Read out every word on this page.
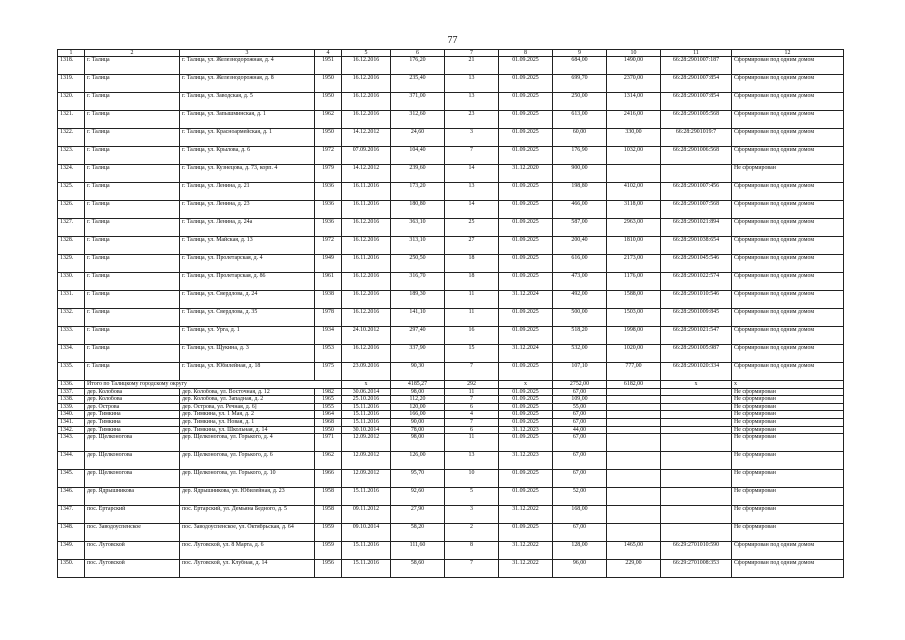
77
1	2	3	4	5	6	7	8	9	10	11	12
1318.	г. Талица	г. Талица, ул. Железнодорожная, д. 4	1951	16.12.2016	176,20	21	01.09.2025	684,00	1490,00	66:28:2901007:187	Сформирован под одним домом
1319.	г. Талица	г. Талица, ул. Железнодорожная, д. 8	1950	16.12.2016	235,40	13	01.09.2025	699,70	2370,00	66:28:2901007:854	Сформирован под одним домом
1320.	г. Талица	г. Талица, ул. Заводская, д. 5	1950	16.12.2016	371,00	13	01.09.2025	250,00	1314,00	66:28:2901007:854	Сформирован под одним домом
1321.	г. Талица	г. Талица, ул. Запышминская, д. 1	1962	16.12.2016	312,60	23	01.09.2025	613,00	2416,00	66:28:2901005:568	Сформирован под одним домом
1322.	г. Талица	г. Талица, ул. Красноармейская, д. 1	1950	14.12.2012	24,60	3	01.09.2025	60,00	330,00	66:28:2901019:7	Сформирован под одним домом
1323.	г. Талица	г. Талица, ул. Крылова, д. 6	1972	07.09.2016	104,40	7	01.09.2025	176,90	1032,00	66:28:2901006:568	Сформирован под одним домом
1324.	г. Талица	г. Талица, ул. Кузнецова, д. 73, корп. 4	1979	14.12.2012	239,60	14	31.12.2020	900,00			Не сформирован
1325.	г. Талица	г. Талица, ул. Ленина, д. 21	1936	16.11.2016	173,20	13	01.09.2025	198,80	4102,00	66:28:2901007:456	Сформирован под одним домом
1326.	г. Талица	г. Талица, ул. Ленина, д. 23	1936	16.11.2016	180,80	14	01.09.2025	466,00	3118,00	66:28:2901007:568	Сформирован под одним домом
1327.	г. Талица	г. Талица, ул. Ленина, д. 24а	1936	16.12.2016	363,10	25	01.09.2025	587,00	2963,00	66:28:2901021:894	Сформирован под одним домом
1328.	г. Талица	г. Талица, ул. Майская, д. 13	1972	16.12.2016	313,10	27	01.09.2025	200,40	1810,00	66:28:2901038:654	Сформирован под одним домом
1329.	г. Талица	г. Талица, ул. Пролетарская, д. 4	1949	16.11.2016	250,50	18	01.09.2025	616,00	2173,00	66:28:2901045:546	Сформирован под одним домом
1330.	г. Талица	г. Талица, ул. Пролетарская, д. 86	1961	16.12.2016	316,70	18	01.09.2025	473,00	1176,00	66:28:2901022:574	Сформирован под одним домом
1331.	г. Талица	г. Талица, ул. Свердлова, д. 24	1938	16.12.2016	189,30	11	31.12.2024	492,00	1588,00	66:28:2901010:546	Сформирован под одним домом
1332.	г. Талица	г. Талица, ул. Свердлова, д. 35	1978	16.12.2016	141,10	11	01.09.2025	500,00	1503,00	66:28:2901009:845	Сформирован под одним домом
1333.	г. Талица	г. Талица, ул. Урга, д. 1	1934	24.10.2012	297,40	16	01.09.2025	518,20	1998,00	66:28:2901021:547	Сформирован под одним домом
1334.	г. Талица	г. Талица, ул. Щукина, д. 3	1953	16.12.2016	337,90	15	31.12.2024	532,00	1020,00	66:28:2901005:987	Сформирован под одним домом
1335.	г. Талица	г. Талица, ул. Юбилейная, д. 18	1975	23.09.2016	90,30	7	01.09.2025	107,10	777,00	66:28:2901020:334	Сформирован под одним домом
1336.	Итого по Талицкому городскому округу			x	4185,27	292	x	2752,00	6182,00	x	x
1337.	дер. Колобова	дер. Колобова, ул. Восточная, д. 12	1982	30.06.2014	98,00	11	01.09.2025	67,00			Не сформирован
1338.	дер. Колобова	дер. Колобова, ул. Западная, д. 2	1965	25.10.2016	112,20	7	01.09.2025	109,00			Не сформирован
1339.	дер. Острова	дер. Острова, ул. Речная, д. 6]	1955	15.11.2016	120,00	6	01.09.2025	55,00			Не сформирован
1340.	дер. Тимкина	дер. Тимкина, ул. 1 Мая, д. 2	1964	15.11.2016	166,00	4	01.09.2025	67,00			Не сформирован
1341.	дер. Тимкина	дер. Тимкина, ул. Новая, д. 1	1968	15.11.2016	90,00	7	01.09.2025	67,00			Не сформирован
1342.	дер. Тимкина	дер. Тимкина, ул. Школьная, д. 14	1950	30.10.2014	78,00	6	31.12.2023	44,00			Не сформирован
1343.	дер. Щелконогова	дер. Щелконогова, ул. Горького, д. 4	1971	12.09.2012	98,00	11	01.09.2025	67,00			Не сформирован
1344.	дер. Щелконогова	дер. Щелконогова, ул. Горького, д. 6	1962	12.09.2012	126,00	13	31.12.2023	67,00			Не сформирован
1345.	дер. Щелконогова	дер. Щелконогова, ул. Горького, д. 10	1966	12.09.2012	95,70	10	01.09.2025	67,00			Не сформирован
1346.	дер. Ядрышникова	дер. Ядрышникова, ул. Юбилейная, д. 23	1958	15.11.2016	92,60	5	01.09.2025	52,00			Не сформирован
1347.	пос. Ертарский	пос. Ертарский, ул. Демьяна Бедного, д. 5	1958	09.11.2012	27,90	3	31.12.2022	168,00			Не сформирован
1348.	пос. Заводоуспенское	пос. Заводоуспенское, ул. Октябрьская, д. 64	1959	09.10.2014	58,20	2	01.09.2025	67,00			Не сформирован
1349.	пос. Луговской	пос. Луговской, ул. 8 Марта, д. 6	1959	15.11.2016	111,60	8	31.12.2022	128,00	1465,00	66:29:2701010:590	Сформирован под одним домом
1350.	пос. Луговской	пос. Луговской, ул. Клубная, д. 14	1956	15.11.2016	58,60	7	31.12.2022	96,00	229,00	66:29:2701008:353	Сформирован под одним домом
